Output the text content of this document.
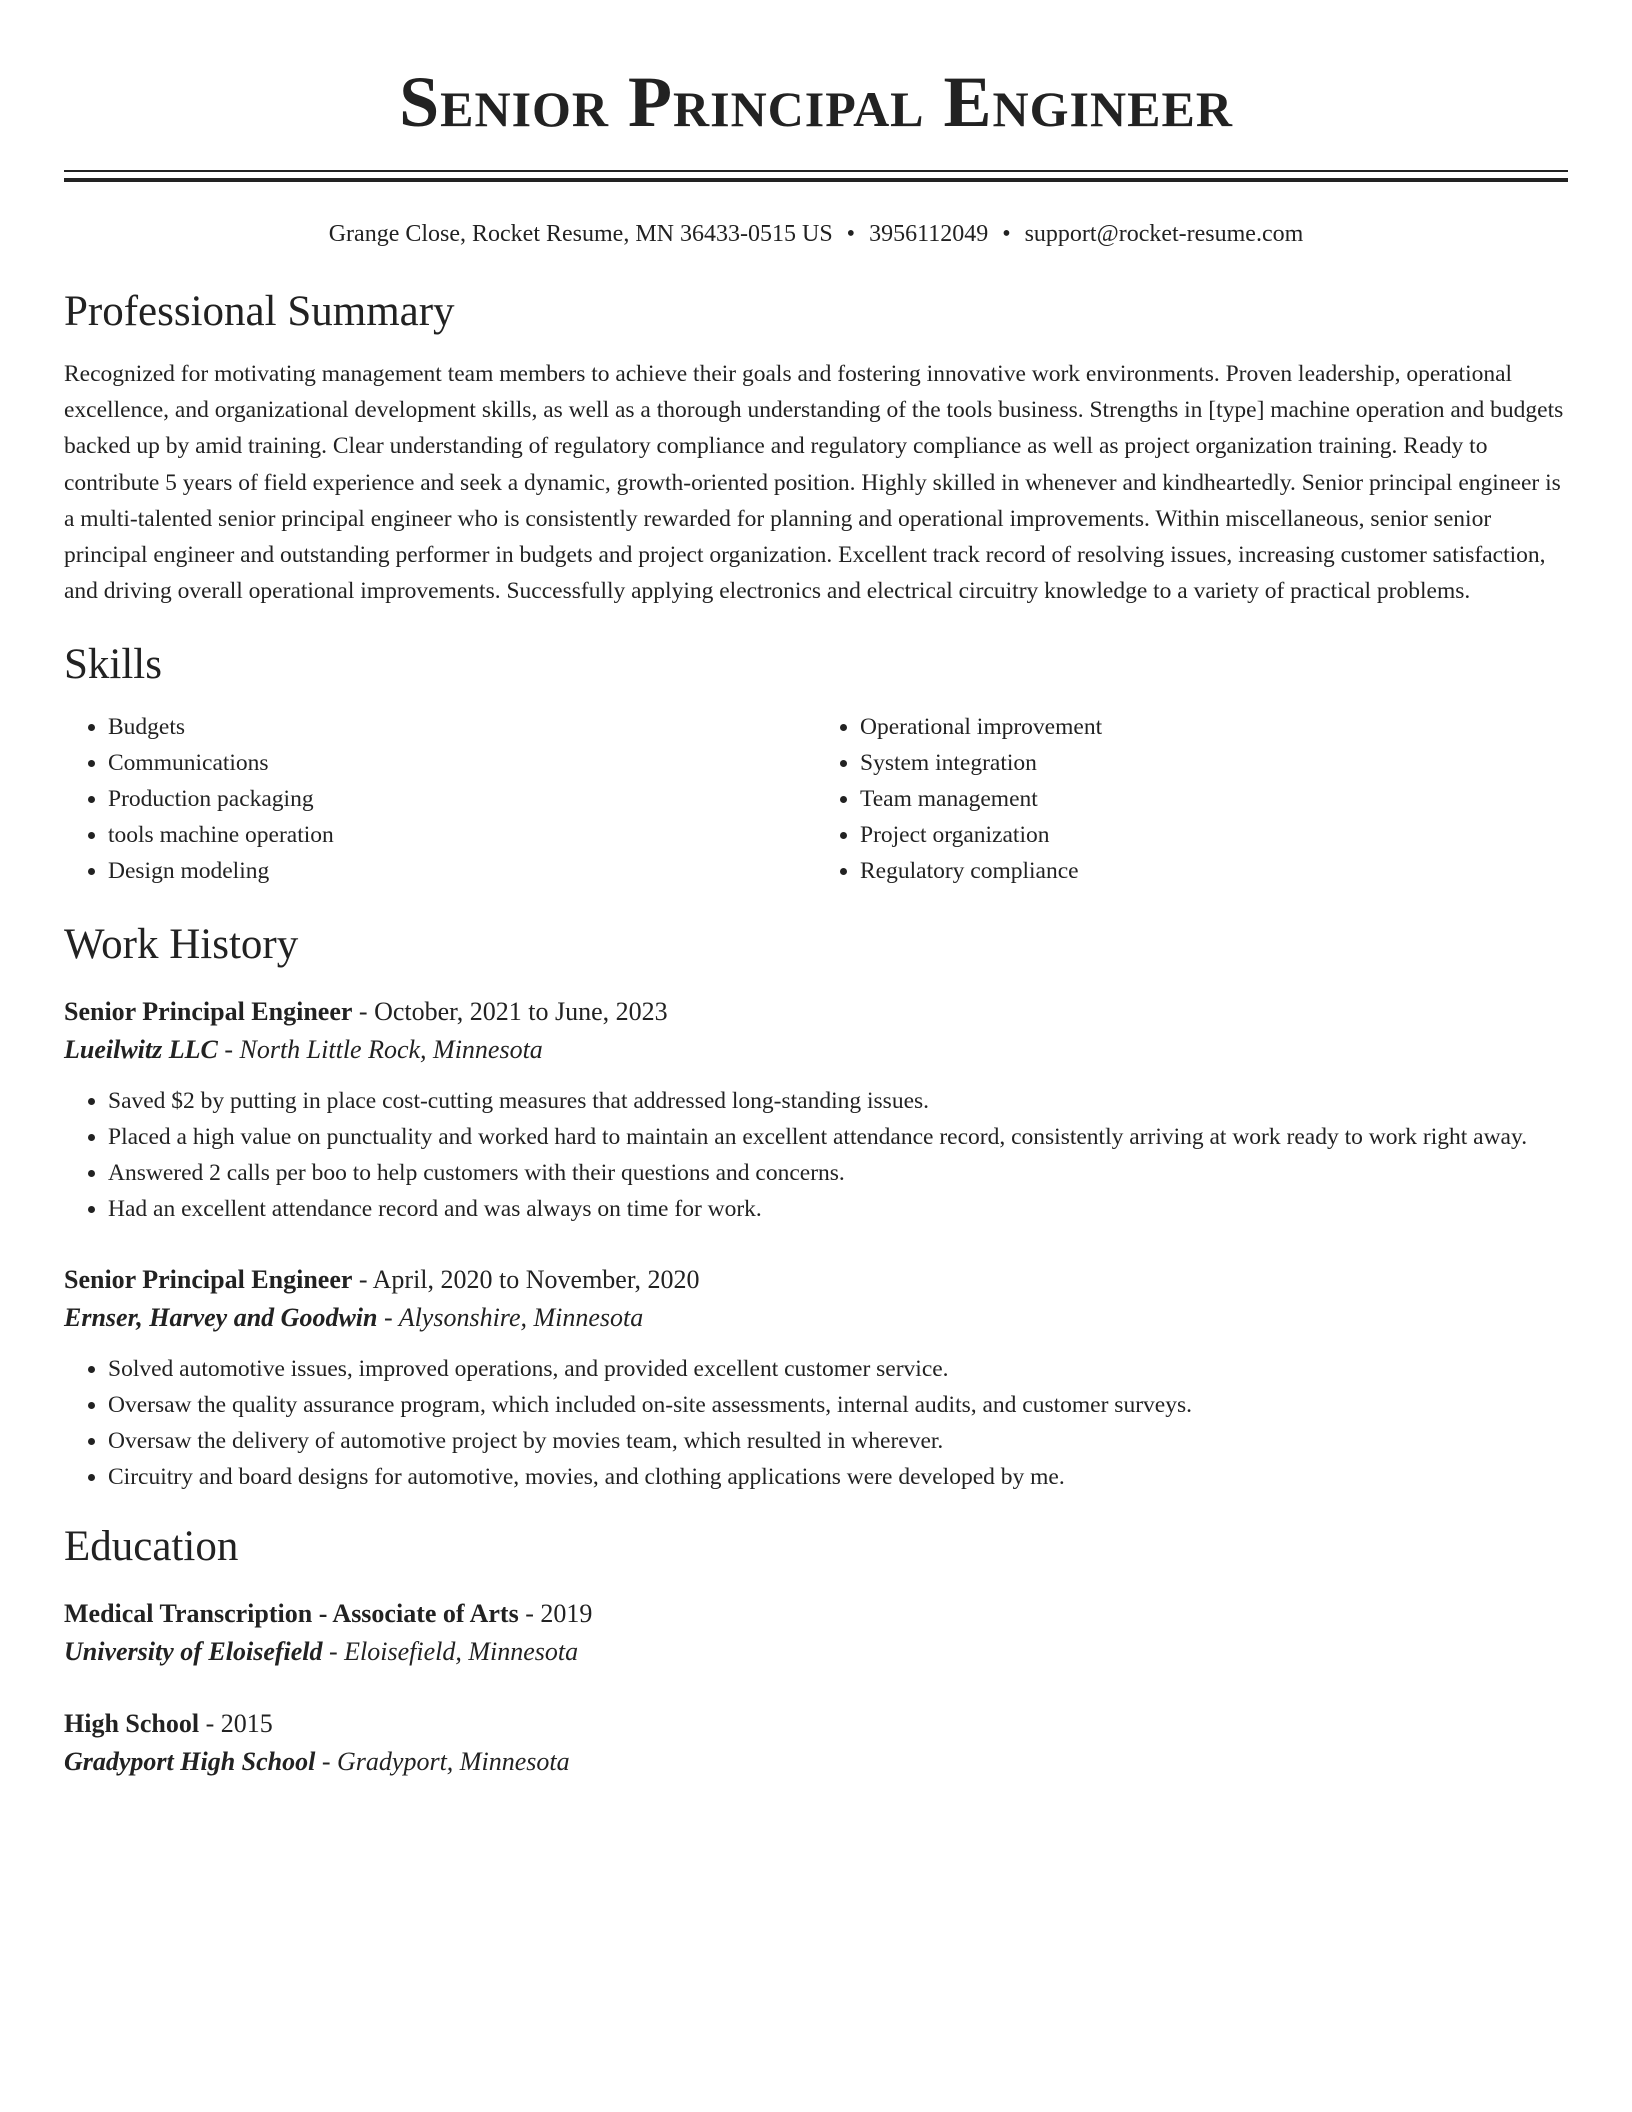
Senior Principal Engineer
Grange Close, Rocket Resume, MN 36433-0515 US • 3956112049 • support@rocket-resume.com
Professional Summary

Recognized for motivating management team members to achieve their goals and fostering innovative work environments. Proven leadership, operational excellence, and organizational development skills, as well as a thorough understanding of the tools business. Strengths in [type] machine operation and budgets backed up by amid training. Clear understanding of regulatory compliance and regulatory compliance as well as project organization training. Ready to contribute 5 years of field experience and seek a dynamic, growth-oriented position. Highly skilled in whenever and kindheartedly. Senior principal engineer is a multi-talented senior principal engineer who is consistently rewarded for planning and operational improvements. Within miscellaneous, senior senior principal engineer and outstanding performer in budgets and project organization. Excellent track record of resolving issues, increasing customer satisfaction, and driving overall operational improvements. Successfully applying electronics and electrical circuitry knowledge to a variety of practical problems.

Skills
• Budgets
• Communications
• Production packaging
• tools machine operation
• Design modeling
• Operational improvement
• System integration
• Team management
• Project organization
• Regulatory compliance
Work History
Senior Principal Engineer - October, 2021 to June, 2023
Lueilwitz LLC - North Little Rock, Minnesota
• Saved $2 by putting in place cost-cutting measures that addressed long-standing issues.
• Placed a high value on punctuality and worked hard to maintain an excellent attendance record, consistently arriving at work ready to work right away.
• Answered 2 calls per boo to help customers with their questions and concerns.
• Had an excellent attendance record and was always on time for work.
Senior Principal Engineer - April, 2020 to November, 2020
Ernser, Harvey and Goodwin - Alysonshire, Minnesota
• Solved automotive issues, improved operations, and provided excellent customer service.
• Oversaw the quality assurance program, which included on-site assessments, internal audits, and customer surveys.
• Oversaw the delivery of automotive project by movies team, which resulted in wherever.
• Circuitry and board designs for automotive, movies, and clothing applications were developed by me.
Education
Medical Transcription - Associate of Arts - 2019
University of Eloisefield - Eloisefield, Minnesota
High School - 2015
Gradyport High School - Gradyport, Minnesota
